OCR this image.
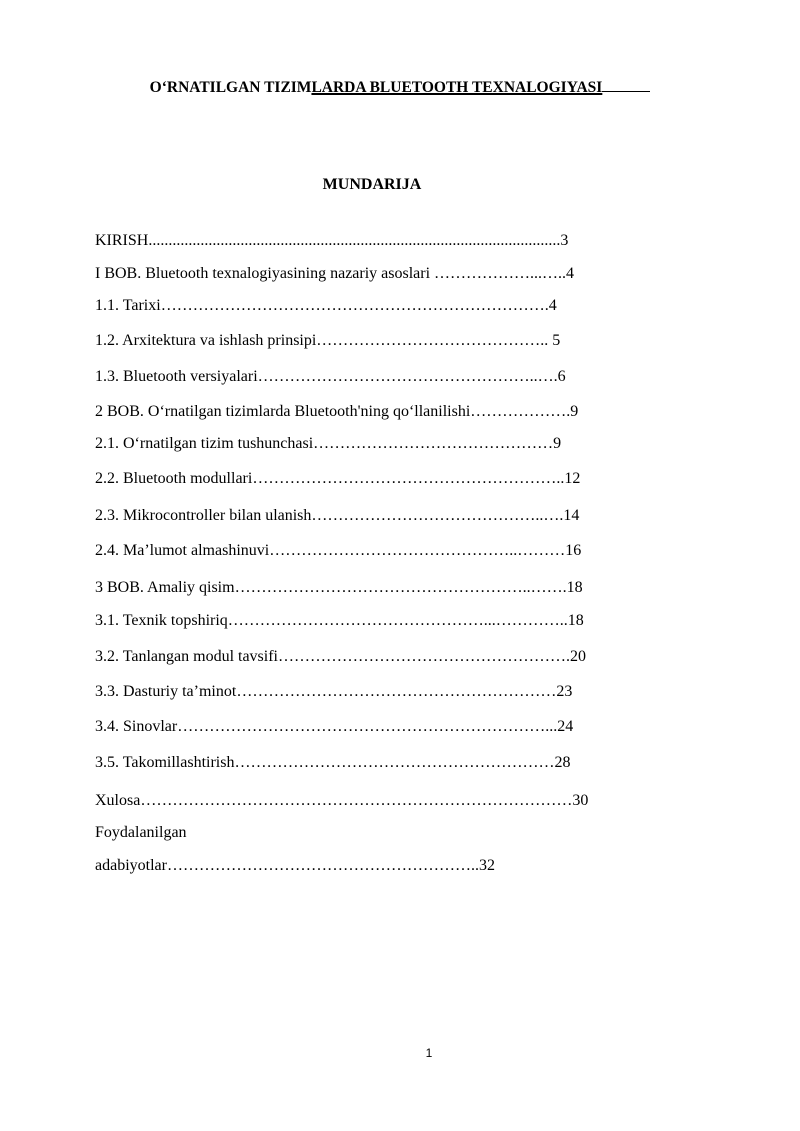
O‘RNATILGAN TIZIMLARDA BLUETOOTH TEXNALOGIYASI
MUNDARIJA
KIRISH.......................................................................................................3
I BOB. Bluetooth texnalogiyasining nazariy asoslari ………………...…..4
1.1. Tarixi……………………………………………………………….4
1.2. Arxitektura va ishlash prinsipi…………………………………….. 5
1.3. Bluetooth versiyalari……………………………………………..….6
2 BOB. O‘rnatilgan tizimlarda Bluetooth'ning qo‘llanilishi……………….9
2.1. O‘rnatilgan tizim tushunchasi………………………………………9
2.2. Bluetooth modullari…………………………………………………..12
2.3. Mikrocontroller bilan ulanish……………………………………..….14
2.4. Ma’lumot almashinuvi………………………………………..………16
3 BOB. Amaliy qisim………………………………………………..…….18
3.1. Texnik topshiriq…………………………………………...…………..18
3.2. Tanlangan modul tavsifi……………………………………………….20
3.3. Dasturiy ta’minot……………………………………………………23
3.4. Sinovlar……………………………………………………………...24
3.5. Takomillashtirish……………………………………………………28
Xulosa………………………………………………………………………30
Foydalanilgan
adabiyotlar…………………………………………………..32
1
